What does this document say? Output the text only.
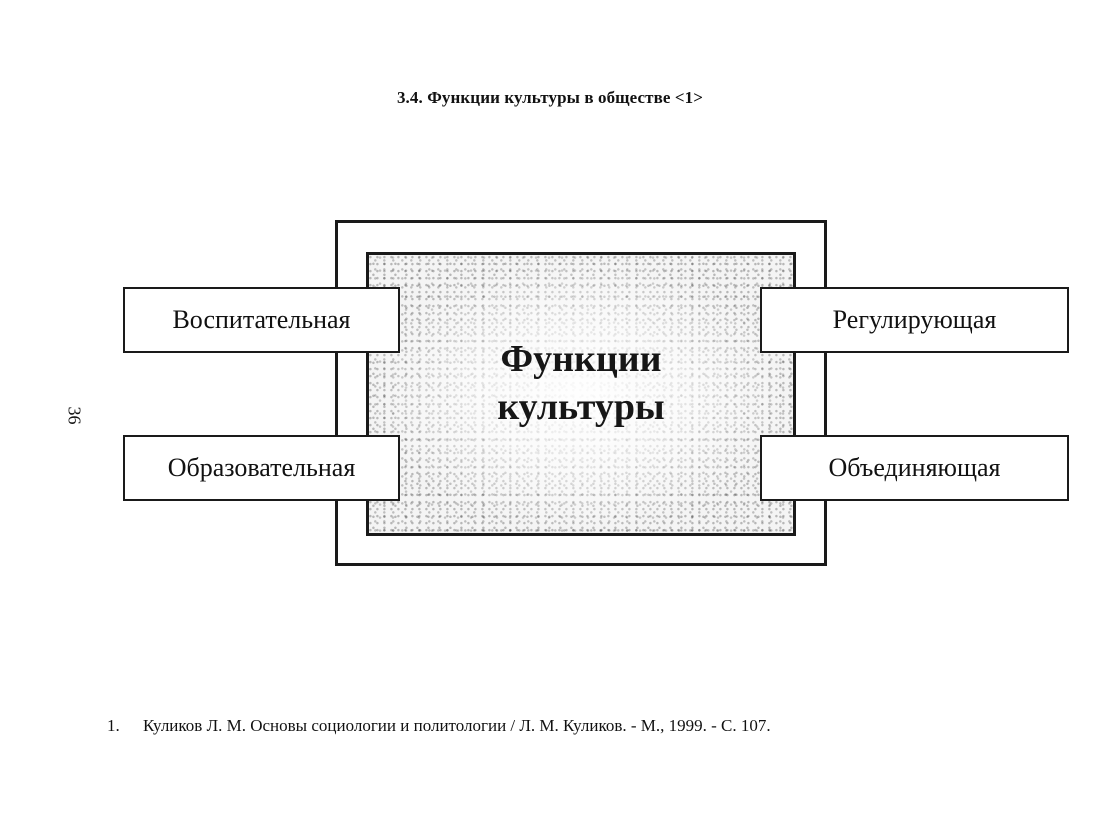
3.4. Функции культуры в обществе <1>
Функции
культуры
Воспитательная
Образовательная
Регулирующая
Объединяющая
36
1. Куликов Л. М. Основы социологии и политологии / Л. М. Куликов. - М., 1999. - С. 107.
